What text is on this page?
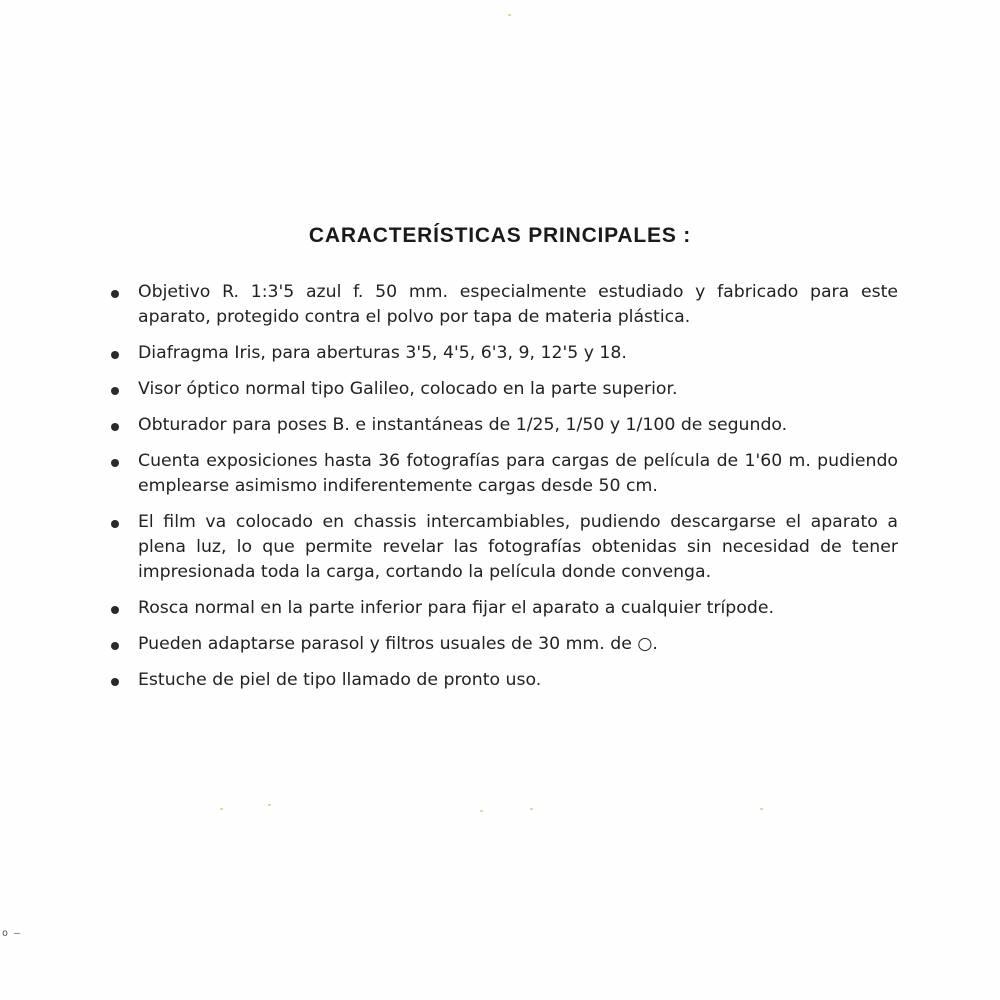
CARACTERÍSTICAS PRINCIPALES :
Objetivo R. 1:3'5 azul f. 50 mm. especialmente estudiado y fabricado para este aparato, protegido contra el polvo por tapa de materia plástica.
Diafragma Iris, para aberturas 3'5, 4'5, 6'3, 9, 12'5 y 18.
Visor óptico normal tipo Galileo, colocado en la parte superior.
Obturador para poses B. e instantáneas de 1/25, 1/50 y 1/100 de segundo.
Cuenta exposiciones hasta 36 fotografías para cargas de película de 1'60 m. pudiendo emplearse asimismo indiferentemente cargas desde 50 cm.
El film va colocado en chassis intercambiables, pudiendo descargarse el aparato a plena luz, lo que permite revelar las fotografías obtenidas sin necesidad de tener impresionada toda la carga, cortando la película donde convenga.
Rosca normal en la parte inferior para fijar el aparato a cualquier trípode.
Pueden adaptarse parasol y filtros usuales de 30 mm. de ○.
Estuche de piel de tipo llamado de pronto uso.
o –
